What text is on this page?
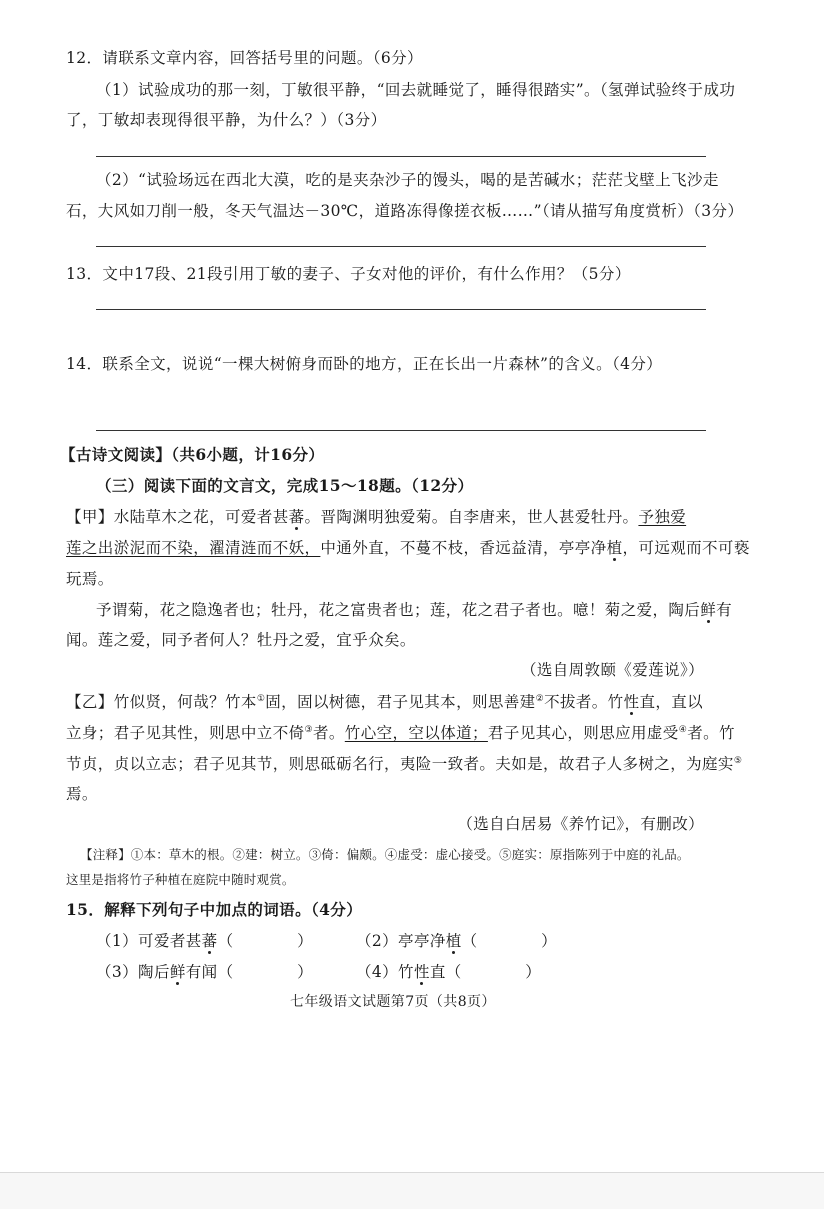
12．请联系文章内容，回答括号里的问题。（6分）
（1）试验成功的那一刻，丁敏很平静，“回去就睡觉了，睡得很踏实”。（氢弹试验终于成功
了，丁敏却表现得很平静，为什么？）（3分）
（2）“试验场远在西北大漠，吃的是夹杂沙子的馒头，喝的是苦碱水；茫茫戈壁上飞沙走
石，大风如刀削一般，冬天气温达－30℃，道路冻得像搓衣板……”（请从描写角度赏析）（3分）
13．文中17段、21段引用丁敏的妻子、子女对他的评价，有什么作用？（5分）
14．联系全文，说说“一棵大树俯身而卧的地方，正在长出一片森林”的含义。（4分）
【古诗文阅读】（共6小题，计16分）
（三）阅读下面的文言文，完成15～18题。（12分）
【甲】水陆草木之花，可爱者甚蕃。晋陶渊明独爱菊。自李唐来，世人甚爱牡丹。予独爱
莲之出淤泥而不染，濯清涟而不妖，中通外直，不蔓不枝，香远益清，亭亭净植，可远观而不可亵
玩焉。
予谓菊，花之隐逸者也；牡丹，花之富贵者也；莲，花之君子者也。噫！菊之爱，陶后鲜有
闻。莲之爱，同予者何人？牡丹之爱，宜乎众矣。
（选自周敦颐《爱莲说》）
【乙】竹似贤，何哉？竹本①固，固以树德，君子见其本，则思善建②不拔者。竹性直，直以
立身；君子见其性，则思中立不倚③者。竹心空，空以体道；君子见其心，则思应用虚受④者。竹
节贞，贞以立志；君子见其节，则思砥砺名行，夷险一致者。夫如是，故君子人多树之，为庭实⑤
焉。
（选自白居易《养竹记》，有删改）
【注释】①本：草木的根。②建：树立。③倚：偏颇。④虚受：虚心接受。⑤庭实：原指陈列于中庭的礼品。
这里是指将竹子种植在庭院中随时观赏。
15．解释下列句子中加点的词语。（4分）
（1）可爱者甚蕃（　　　　）	（2）亭亭净植（　　　　）
（3）陶后鲜有闻（　　　　）	（4）竹性直（　　　　）
七年级语文试题第7页（共8页）
